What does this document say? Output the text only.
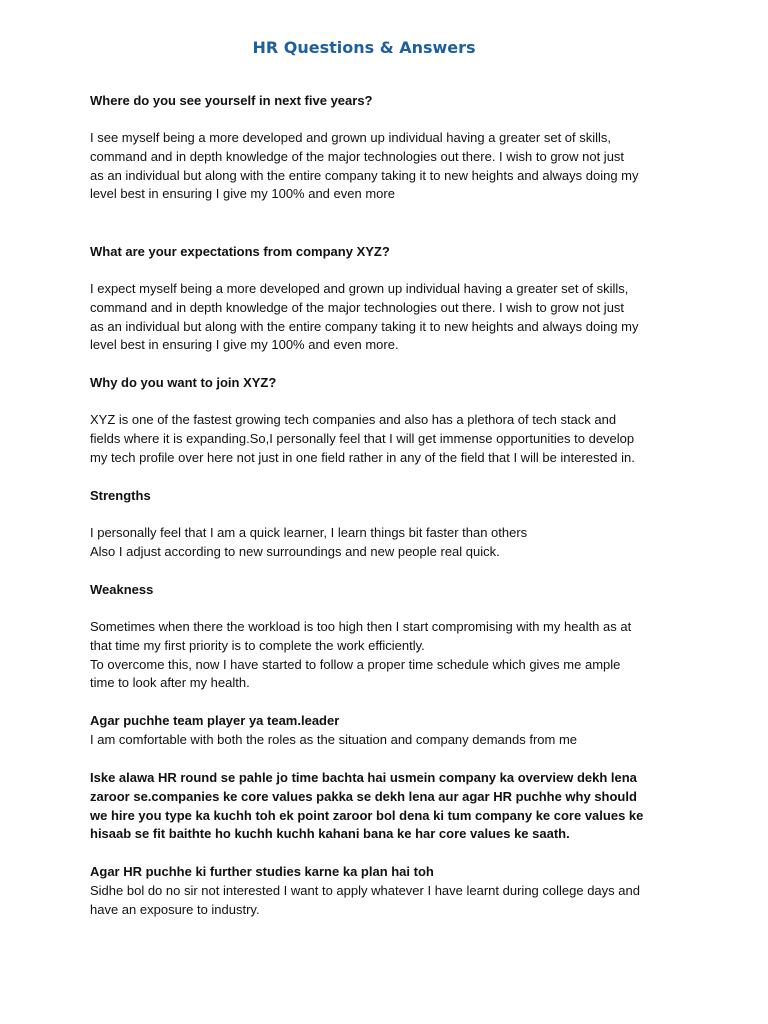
HR Questions & Answers
Where do you see yourself in next five years?
I see myself being a more developed and grown up individual having a greater set of skills,
command and in depth knowledge of the major technologies out there. I wish to grow not just
as an individual but along with the entire company taking it to new heights and always doing my
level best in ensuring I give my 100% and even more
What are your expectations from company XYZ?
I expect myself being a more developed and grown up individual having a greater set of skills,
command and in depth knowledge of the major technologies out there. I wish to grow not just
as an individual but along with the entire company taking it to new heights and always doing my
level best in ensuring I give my 100% and even more.
Why do you want to join XYZ?
XYZ is one of the fastest growing tech companies and also has a plethora of tech stack and
fields where it is expanding.So,I personally feel that I will get immense opportunities to develop
my tech profile over here not just in one field rather in any of the field that I will be interested in.
Strengths
I personally feel that I am a quick learner, I learn things bit faster than others
Also I adjust according to new surroundings and new people real quick.
Weakness
Sometimes when there the workload is too high then I start compromising with my health as at
that time my first priority is to complete the work efficiently.
To overcome this, now I have started to follow a proper time schedule which gives me ample
time to look after my health.
Agar puchhe team player ya team.leader
I am comfortable with both the roles as the situation and company demands from me
Iske alawa HR round se pahle jo time bachta hai usmein company ka overview dekh lena
zaroor se.companies ke core values pakka se dekh lena aur agar HR puchhe why should
we hire you type ka kuchh toh ek point zaroor bol dena ki tum company ke core values ke
hisaab se fit baithte ho kuchh kuchh kahani bana ke har core values ke saath.
Agar HR puchhe ki further studies karne ka plan hai toh
Sidhe bol do no sir not interested I want to apply whatever I have learnt during college days and
have an exposure to industry.
